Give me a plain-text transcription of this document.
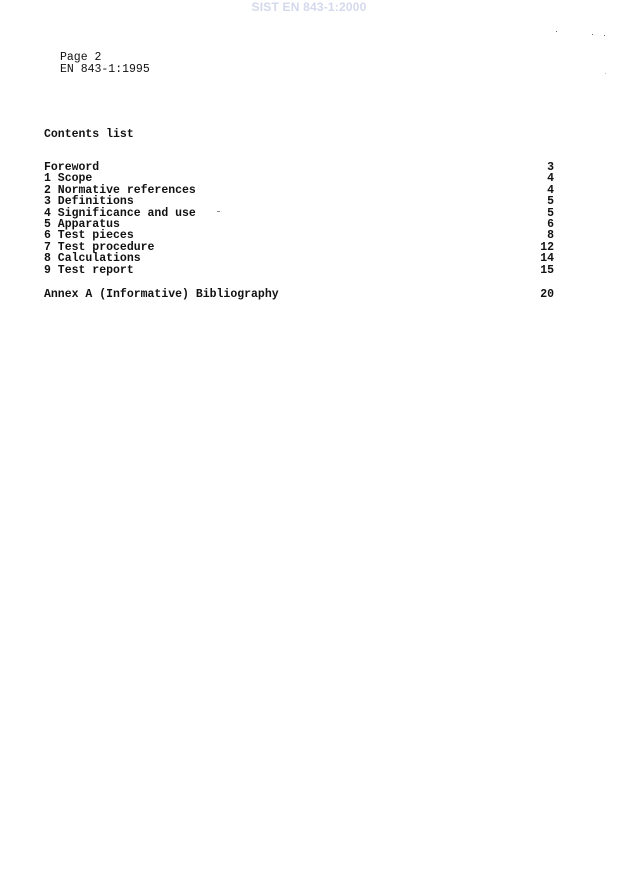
SIST EN 843-1:2000
Page 2
EN 843-1:1995
Contents list
Foreword	3
1 Scope	4
2 Normative references	4
3 Definitions	5
4 Significance and use	5
5 Apparatus	6
6 Test pieces	8
7 Test procedure	12
8 Calculations	14
9 Test report	15
Annex A (Informative) Bibliography	20
